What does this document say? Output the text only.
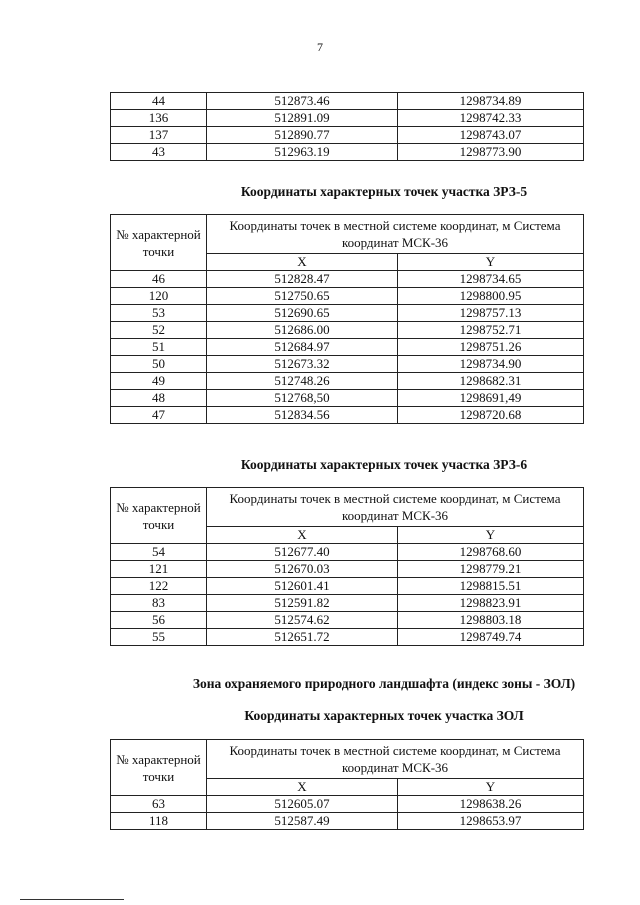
7
44	512873.46	1298734.89
136	512891.09	1298742.33
137	512890.77	1298743.07
43	512963.19	1298773.90
Координаты характерных точек участка ЗРЗ-5
№ характерной точки	Координаты точек в местной системе координат, м Система координат МСК-36	
	X	Y
46	512828.47	1298734.65
120	512750.65	1298800.95
53	512690.65	1298757.13
52	512686.00	1298752.71
51	512684.97	1298751.26
50	512673.32	1298734.90
49	512748.26	1298682.31
48	512768,50	1298691,49
47	512834.56	1298720.68
Координаты характерных точек участка ЗРЗ-6
№ характерной точки	Координаты точек в местной системе координат, м Система координат МСК-36	
	X	Y
54	512677.40	1298768.60
121	512670.03	1298779.21
122	512601.41	1298815.51
83	512591.82	1298823.91
56	512574.62	1298803.18
55	512651.72	1298749.74
Зона охраняемого природного ландшафта (индекс зоны - ЗОЛ)
Координаты характерных точек участка ЗОЛ
№ характерной точки	Координаты точек в местной системе координат, м Система координат МСК-36	
	X	Y
63	512605.07	1298638.26
118	512587.49	1298653.97
